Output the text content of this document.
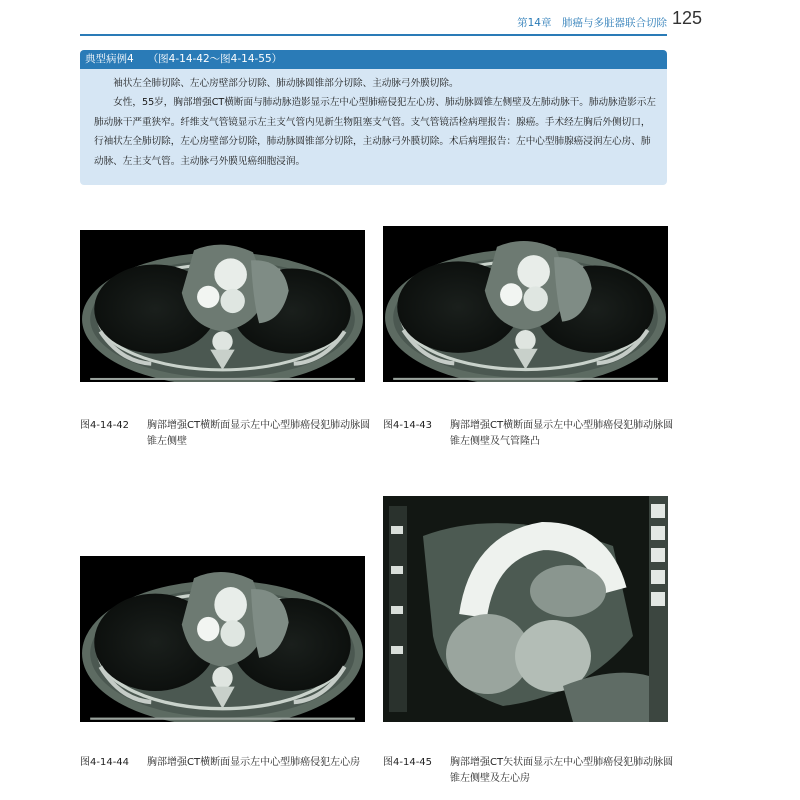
第14章　肺癌与多脏器联合切除 125
典型病例4 （图4-14-42～图4-14-55）

袖状左全肺切除、左心房壁部分切除、肺动脉圆锥部分切除、主动脉弓外膜切除。

女性，55岁，胸部增强CT横断面与肺动脉造影显示左中心型肺癌侵犯左心房、肺动脉圆锥左侧壁及左肺动脉干。肺动脉造影示左肺动脉干严重狭窄。纤维支气管镜显示左主支气管内见新生物阻塞支气管。支气管镜活检病理报告：腺癌。手术经左胸后外侧切口，行袖状左全肺切除，左心房壁部分切除，肺动脉圆锥部分切除，主动脉弓外膜切除。术后病理报告：左中心型肺腺癌浸润左心房、肺动脉、左主支气管。主动脉弓外膜见癌细胞浸润。

图4-14-42 胸部增强CT横断面显示左中心型肺癌侵犯肺动脉圆锥左侧壁
图4-14-43 胸部增强CT横断面显示左中心型肺癌侵犯肺动脉圆锥左侧壁及气管隆凸
图4-14-44 胸部增强CT横断面显示左中心型肺癌侵犯左心房	图4-14-45 胸部增强CT矢状面显示左中心型肺癌侵犯肺动脉圆锥左侧壁及左心房
